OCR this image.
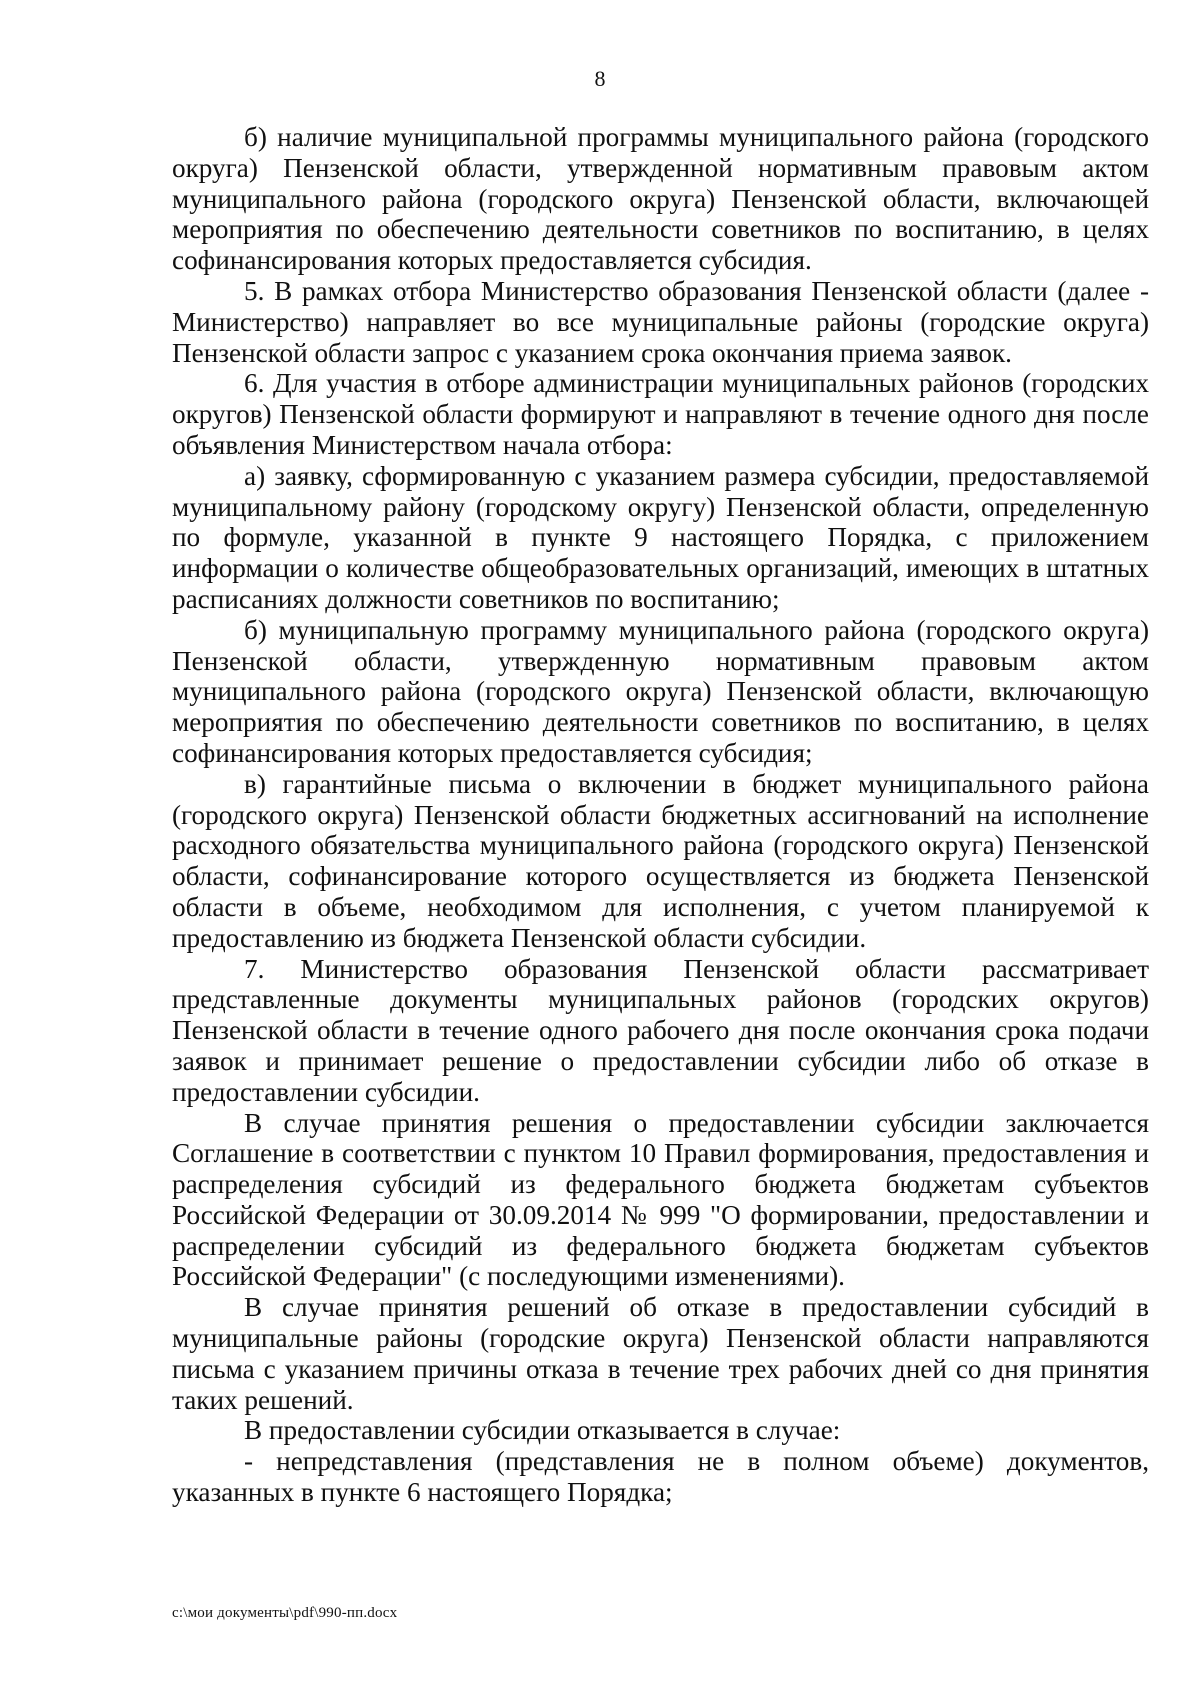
8

б) наличие муниципальной программы муниципального района (городского округа) Пензенской области, утвержденной нормативным правовым актом муниципального района (городского округа) Пензенской области, включающей мероприятия по обеспечению деятельности советников по воспитанию, в целях софинансирования которых предоставляется субсидия.

5. В рамках отбора Министерство образования Пензенской области (далее - Министерство) направляет во все муниципальные районы (городские округа) Пензенской области запрос с указанием срока окончания приема заявок.

6. Для участия в отборе администрации муниципальных районов (городских округов) Пензенской области формируют и направляют в течение одного дня после объявления Министерством начала отбора:

а) заявку, сформированную с указанием размера субсидии, предоставляемой муниципальному району (городскому округу) Пензенской области, определенную по формуле, указанной в пункте 9 настоящего Порядка, с приложением информации о количестве общеобразовательных организаций, имеющих в штатных расписаниях должности советников по воспитанию;

б) муниципальную программу муниципального района (городского округа) Пензенской области, утвержденную нормативным правовым актом муниципального района (городского округа) Пензенской области, включающую мероприятия по обеспечению деятельности советников по воспитанию, в целях софинансирования которых предоставляется субсидия;

в) гарантийные письма о включении в бюджет муниципального района (городского округа) Пензенской области бюджетных ассигнований на исполнение расходного обязательства муниципального района (городского округа) Пензенской области, софинансирование которого осуществляется из бюджета Пензенской области в объеме, необходимом для исполнения, с учетом планируемой к предоставлению из бюджета Пензенской области субсидии.

7. Министерство образования Пензенской области рассматривает представленные документы муниципальных районов (городских округов) Пензенской области в течение одного рабочего дня после окончания срока подачи заявок и принимает решение о предоставлении субсидии либо об отказе в предоставлении субсидии.

В случае принятия решения о предоставлении субсидии заключается Соглашение в соответствии с пунктом 10 Правил формирования, предоставления и распределения субсидий из федерального бюджета бюджетам субъектов Российской Федерации от 30.09.2014 № 999 "О формировании, предоставлении и распределении субсидий из федерального бюджета бюджетам субъектов Российской Федерации" (с последующими изменениями).

В случае принятия решений об отказе в предоставлении субсидий в муниципальные районы (городские округа) Пензенской области направляются письма с указанием причины отказа в течение трех рабочих дней со дня принятия таких решений.

В предоставлении субсидии отказывается в случае:

- непредставления (представления не в полном объеме) документов, указанных в пункте 6 настоящего Порядка;

c:\мои документы\pdf\990-пп.docx
